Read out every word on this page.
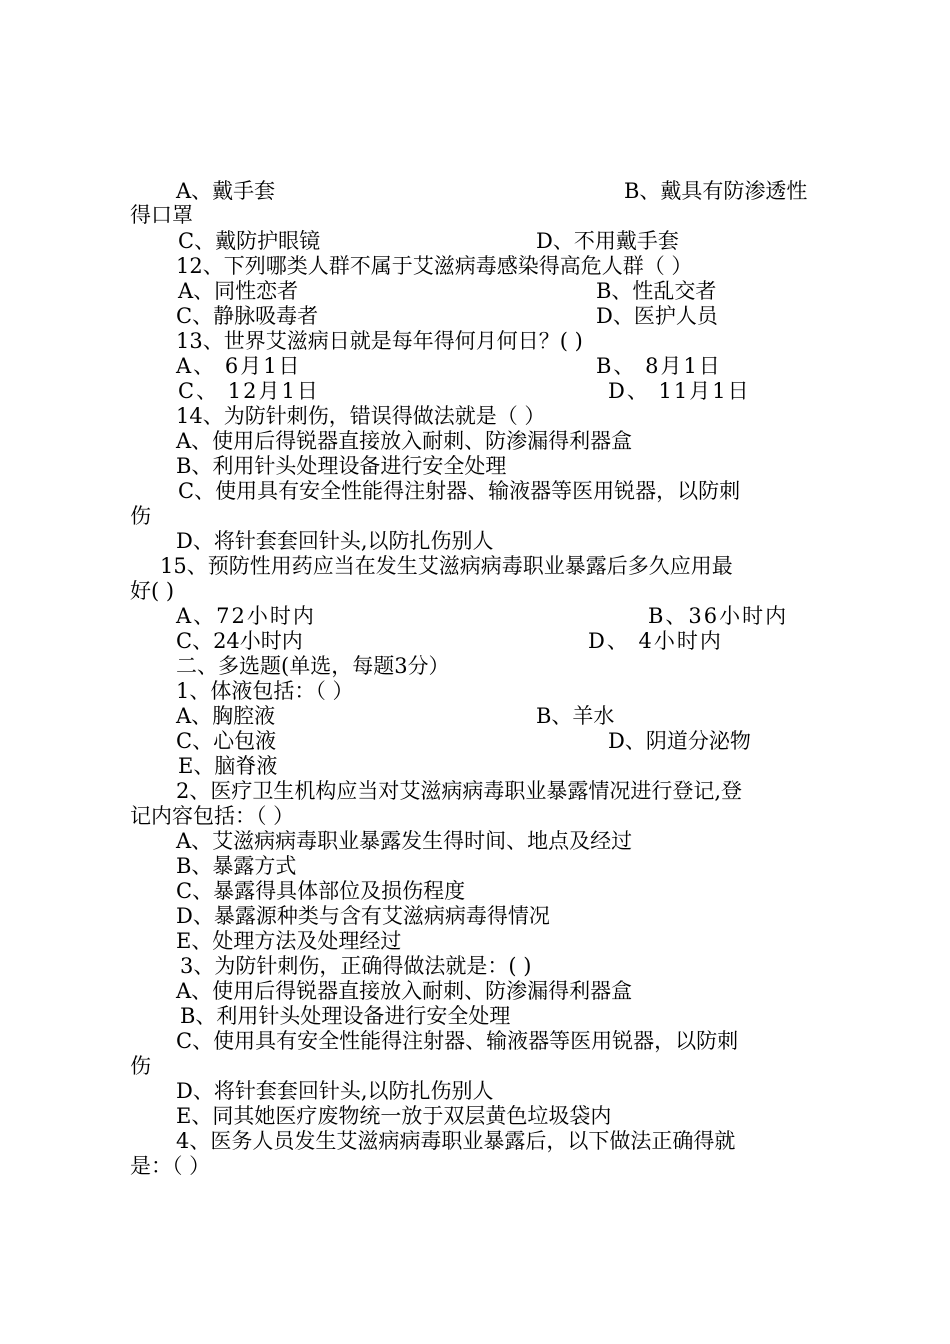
A、戴手套	B、戴具有防渗透性
得口罩
C、戴防护眼镜	D、不用戴手套
12、下列哪类人群不属于艾滋病毒感染得高危人群（ ）
A、同性恋者	B、性乱交者
C、静脉吸毒者	D、医护人员
13、世界艾滋病日就是每年得何月何日？( )
A、 6月1日	B、 8月1日
C、 12月1日	D、 11月1日
14、为防针刺伤，错误得做法就是（ ）
A、使用后得锐器直接放入耐刺、防渗漏得利器盒
B、利用针头处理设备进行安全处理
C、使用具有安全性能得注射器、输液器等医用锐器，以防刺
伤
D、将针套套回针头,以防扎伤别人
15、预防性用药应当在发生艾滋病病毒职业暴露后多久应用最
好( )
A、72小时内	B、36小时内
C、24小时内	D、 4小时内
二、多选题(单选，每题3分）
1、体液包括：（ ）
A、胸腔液	B、羊水
C、心包液	D、阴道分泌物
E、脑脊液
2、医疗卫生机构应当对艾滋病病毒职业暴露情况进行登记,登
记内容包括：（ ）
A、艾滋病病毒职业暴露发生得时间、地点及经过
B、暴露方式
C、暴露得具体部位及损伤程度
D、暴露源种类与含有艾滋病病毒得情况
E、处理方法及处理经过
3、为防针刺伤，正确得做法就是：( )
A、使用后得锐器直接放入耐刺、防渗漏得利器盒
B、利用针头处理设备进行安全处理
C、使用具有安全性能得注射器、输液器等医用锐器，以防刺
伤
D、将针套套回针头,以防扎伤别人
E、同其她医疗废物统一放于双层黄色垃圾袋内
4、医务人员发生艾滋病病毒职业暴露后，以下做法正确得就
是：（ ）
